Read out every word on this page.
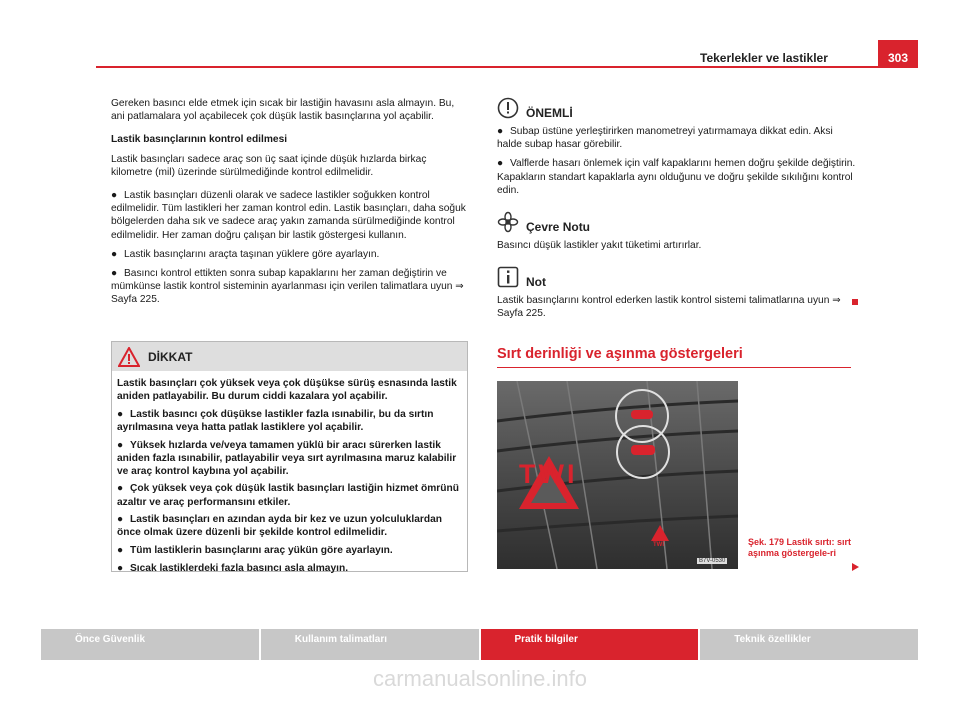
Tekerlekler ve lastikler	303

Gereken basıncı elde etmek için sıcak bir lastiğin havasını asla almayın. Bu, ani patlamalara yol açabilecek çok düşük lastik basınçlarına yol açabilir.

Lastik basınçlarının kontrol edilmesi

Lastik basınçları sadece araç son üç saat içinde düşük hızlarda birkaç kilometre (mil) üzerinde sürülmediğinde kontrol edilmelidir.

● Lastik basınçları düzenli olarak ve sadece lastikler soğukken kontrol edilmelidir. Tüm lastikleri her zaman kontrol edin. Lastik basınçları, daha soğuk bölgelerden daha sık ve sadece araç yakın zamanda sürülmediğinde kontrol edilmelidir. Her zaman doğru çalışan bir lastik göstergesi kullanın.

● Lastik basınçlarını araçta taşınan yüklere göre ayarlayın.

● Basıncı kontrol ettikten sonra subap kapaklarını her zaman değiştirin ve mümkünse lastik kontrol sisteminin ayarlanması için verilen talimatlara uyun ⇒ Sayfa 225.

DİKKAT

Lastik basınçları çok yüksek veya çok düşükse sürüş esnasında lastik aniden patlayabilir. Bu durum ciddi kazalara yol açabilir.

● Lastik basıncı çok düşükse lastikler fazla ısınabilir, bu da sırtın ayrılmasına veya hatta patlak lastiklere yol açabilir.

● Yüksek hızlarda ve/veya tamamen yüklü bir aracı sürerken lastik aniden fazla ısınabilir, patlayabilir veya sırt ayrılmasına maruz kalabilir ve araç kontrol kaybına yol açabilir.

● Çok yüksek veya çok düşük lastik basınçları lastiğin hizmet ömrünü azaltır ve araç performansını etkiler.

● Lastik basınçları en azından ayda bir kez ve uzun yolculuklardan önce olmak üzere düzenli bir şekilde kontrol edilmelidir.

● Tüm lastiklerin basınçlarını araç yükün göre ayarlayın.

● Sıcak lastiklerdeki fazla basıncı asla almayın.

ÖNEMLİ

● Subap üstüne yerleştirirken manometreyi yatırmamaya dikkat edin. Aksi halde subap hasar görebilir.

● Valflerde hasarı önlemek için valf kapaklarını hemen doğru şekilde değiştirin. Kapakların standart kapaklarla aynı olduğunu ve doğru şekilde sıkılığını kontrol edin.

Çevre Notu

Basıncı düşük lastikler yakıt tüketimi artırırlar.

Not

Lastik basınçlarını kontrol ederken lastik kontrol sistemi talimatlarına uyun ⇒ Sayfa 225.

Sırt derinliği ve aşınma göstergeleri
TWI
TWI
B7V-0530
Şek. 179 Lastik sırtı: sırt aşınma göstergele-ri
Önce Güvenlik	Kullanım talimatları	Pratik bilgiler	Teknik özellikler
carmanualsonline.info
